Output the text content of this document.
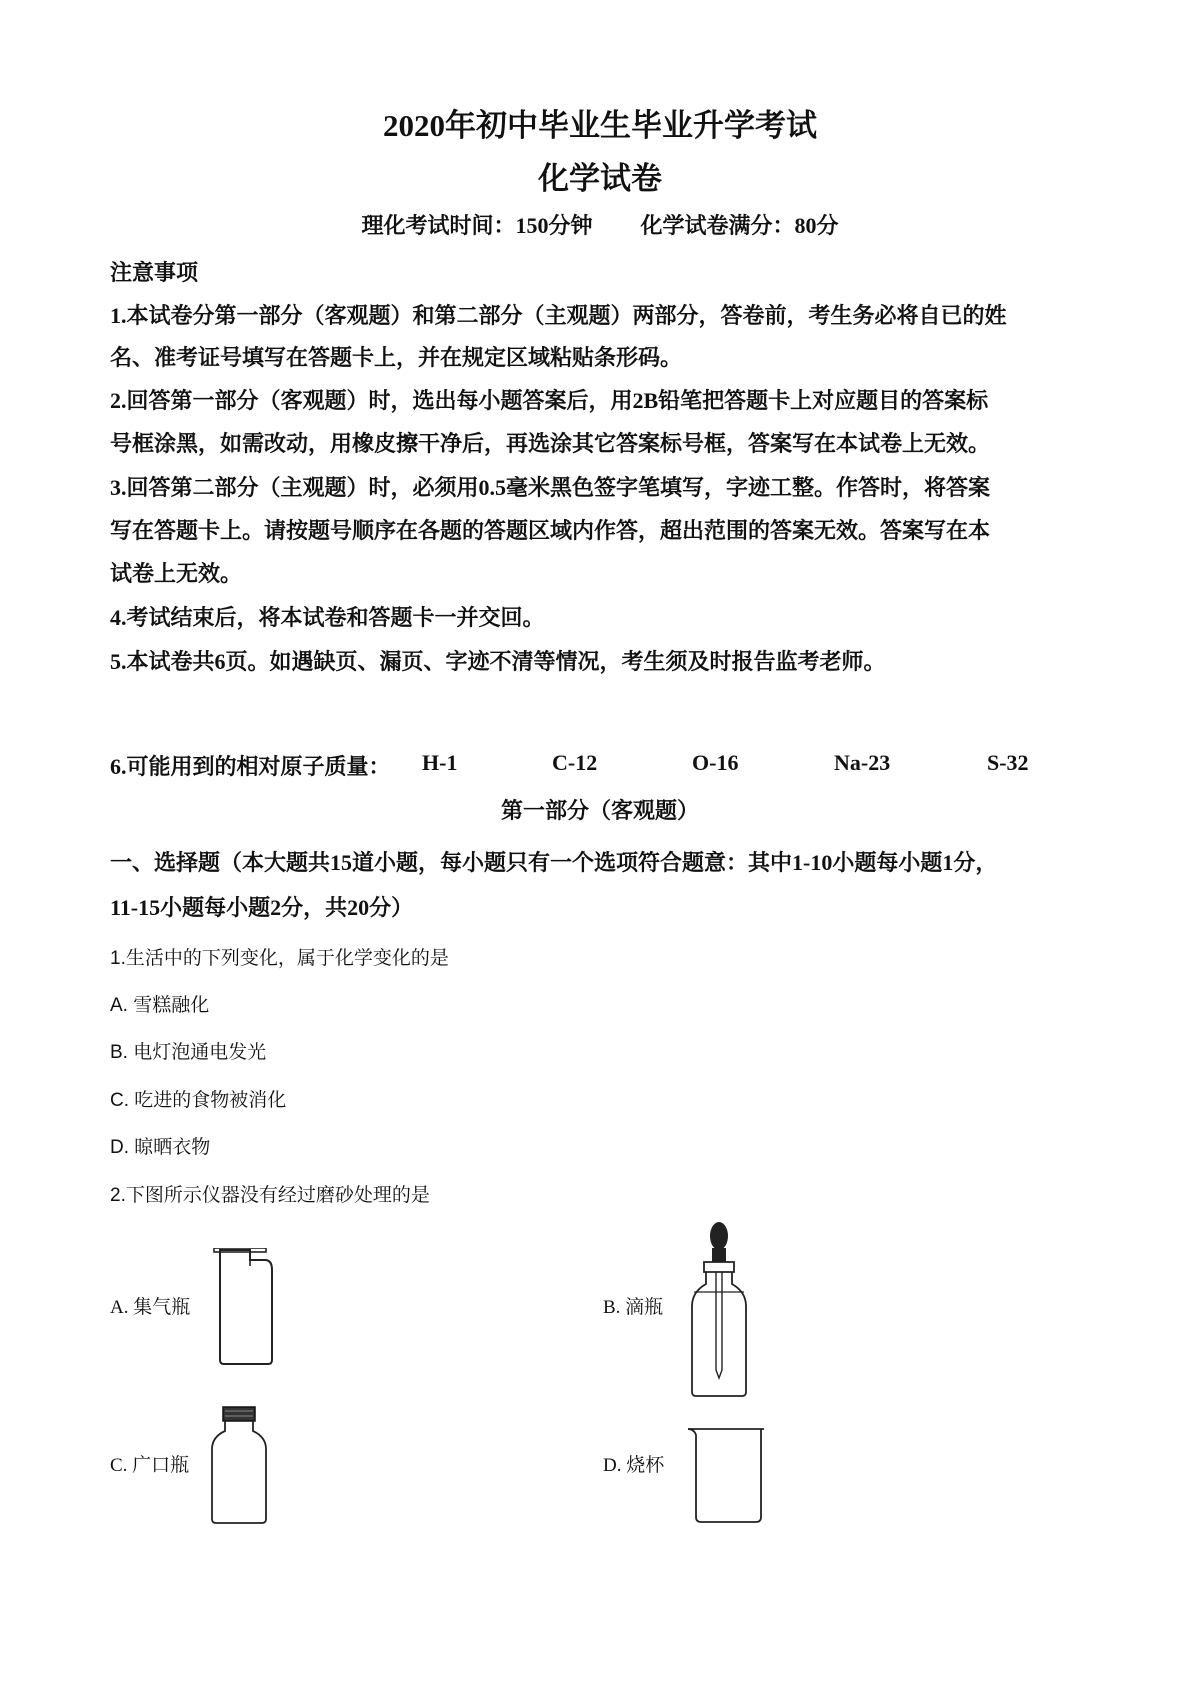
2020年初中毕业生毕业升学考试
化学试卷
理化考试时间：150分钟 化学试卷满分：80分
注意事项
1.本试卷分第一部分（客观题）和第二部分（主观题）两部分，答卷前，考生务必将自已的姓
名、准考证号填写在答题卡上，并在规定区域粘贴条形码。
2.回答第一部分（客观题）时，选出每小题答案后，用2B铅笔把答题卡上对应题目的答案标
号框涂黑，如需改动，用橡皮擦干净后，再选涂其它答案标号框，答案写在本试卷上无效。
3.回答第二部分（主观题）时，必须用0.5毫米黑色签字笔填写，字迹工整。作答时，将答案
写在答题卡上。请按题号顺序在各题的答题区域内作答，超出范围的答案无效。答案写在本
试卷上无效。
4.考试结束后，将本试卷和答题卡一并交回。
5.本试卷共6页。如遇缺页、漏页、字迹不清等情况，考生须及时报告监考老师。
6.可能用到的相对原子质量： H-1	C-12	O-16	Na-23	S-32
第一部分（客观题）
一、选择题（本大题共15道小题，每小题只有一个选项符合题意：其中1-10小题每小题1分，
11-15小题每小题2分，共20分）
1.生活中的下列变化，属于化学变化的是
A. 雪糕融化
B. 电灯泡通电发光
C. 吃进的食物被消化
D. 晾晒衣物
2.下图所示仪器没有经过磨砂处理的是
A. 集气瓶	B. 滴瓶
C. 广口瓶	D. 烧杯
